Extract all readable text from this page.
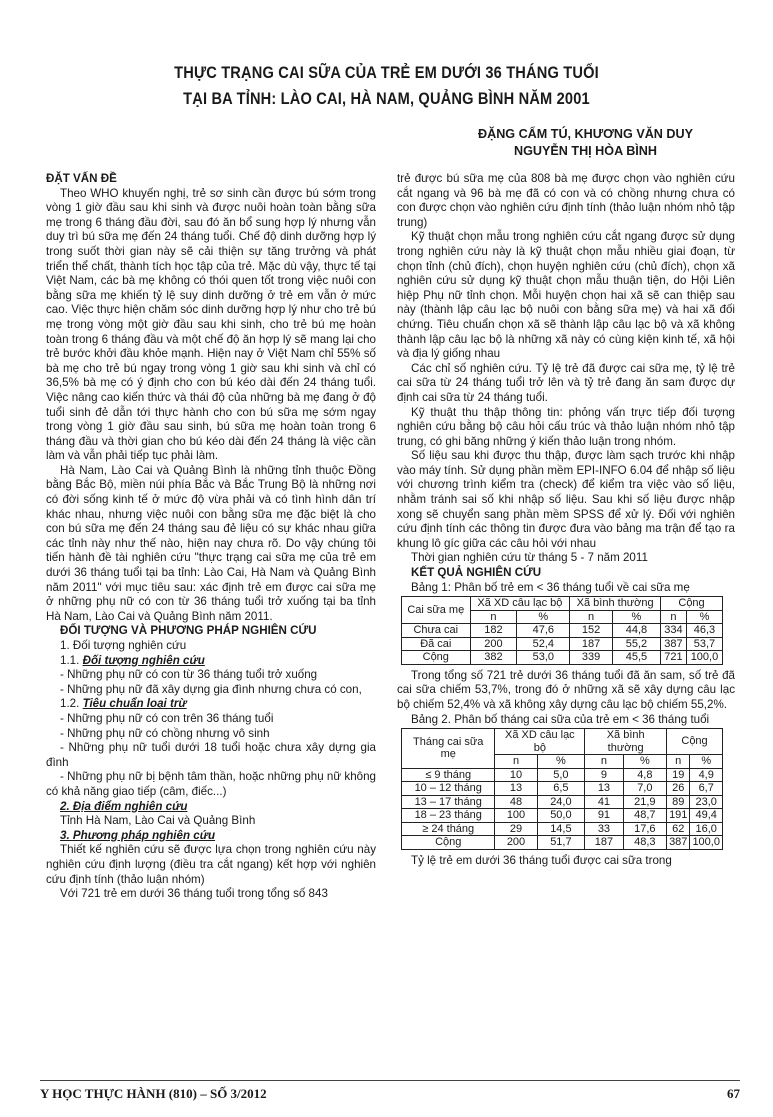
THỰC TRẠNG CAI SỮA CỦA TRẺ EM DƯỚI 36 THÁNG TUỔI
TẠI BA TỈNH: LÀO CAI, HÀ NAM, QUẢNG BÌNH NĂM 2001
ĐẶNG CẨM TÚ, KHƯƠNG VĂN DUY
NGUYỄN THỊ HÒA BÌNH
ĐẶT VẤN ĐỀ

Theo WHO khuyến nghị, trẻ sơ sinh cần được bú sớm trong vòng 1 giờ đầu sau khi sinh và được nuôi hoàn toàn bằng sữa mẹ trong 6 tháng đầu đời, sau đó ăn bổ sung hợp lý nhưng vẫn duy trì bú sữa mẹ đến 24 tháng tuổi. Chế độ dinh dưỡng hợp lý trong suốt thời gian này sẽ cải thiện sự tăng trưởng và phát triển thể chất, thành tích học tập của trẻ. Mặc dù vậy, thực tế tại Việt Nam, các bà mẹ không có thói quen tốt trong việc nuôi con bằng sữa mẹ khiến tỷ lệ suy dinh dưỡng ở trẻ em vẫn ở mức cao. Việc thực hiện chăm sóc dinh dưỡng hợp lý như cho trẻ bú mẹ trong vòng một giờ đầu sau khi sinh, cho trẻ bú mẹ hoàn toàn trong 6 tháng đầu và một chế độ ăn hợp lý sẽ mang lại cho trẻ bước khởi đầu khỏe mạnh. Hiện nay ở Việt Nam chỉ 55% số bà mẹ cho trẻ bú ngay trong vòng 1 giờ sau khi sinh và chỉ có 36,5% bà mẹ có ý định cho con bú kéo dài đến 24 tháng tuổi. Việc nâng cao kiến thức và thái độ của những bà mẹ đang ở độ tuổi sinh đẻ dẫn tới thực hành cho con bú sữa mẹ sớm ngay trong vòng 1 giờ đầu sau sinh, bú sữa mẹ hoàn toàn trong 6 tháng đầu và thời gian cho bú kéo dài đến 24 tháng là việc cần làm và vẫn phải tiếp tục phải làm.

Hà Nam, Lào Cai và Quảng Bình là những tỉnh thuộc Đồng bằng Bắc Bộ, miền núi phía Bắc và Bắc Trung Bộ là những nơi có đời sống kinh tế ở mức độ vừa phải và có tình hình dân trí khác nhau, nhưng việc nuôi con bằng sữa mẹ đặc biệt là cho con bú sữa mẹ đến 24 tháng sau đẻ liệu có sự khác nhau giữa các tỉnh này như thế nào, hiện nay chưa rõ. Do vậy chúng tôi tiến hành đề tài nghiên cứu "thực trạng cai sữa mẹ của trẻ em dưới 36 tháng tuổi tại ba tỉnh: Lào Cai, Hà Nam và Quảng Bình năm 2011" với mục tiêu sau: xác định trẻ em được cai sữa mẹ ở những phụ nữ có con từ 36 tháng tuổi trở xuống tại ba tỉnh Hà Nam, Lào Cai và Quảng Bình năm 2011.

ĐỐI TƯỢNG VÀ PHƯƠNG PHÁP NGHIÊN CỨU

1. Đối tượng nghiên cứu

1.1. Đối tượng nghiên cứu

- Những phụ nữ có con từ 36 tháng tuổi trở xuống

- Những phụ nữ đã xây dựng gia đình nhưng chưa có con,

1.2. Tiêu chuẩn loại trừ

- Những phụ nữ có con trên 36 tháng tuổi

- Những phụ nữ có chồng nhưng vô sinh

- Những phụ nữ tuổi dưới 18 tuổi hoặc chưa xây dựng gia đình

- Những phụ nữ bị bệnh tâm thần, hoặc những phụ nữ không có khả năng giao tiếp (câm, điếc...)

2. Địa điểm nghiên cứu

Tỉnh Hà Nam, Lào Cai và Quảng Bình

3. Phương pháp nghiên cứu

Thiết kế nghiên cứu sẽ được lựa chọn trong nghiên cứu này nghiên cứu định lượng (điều tra cắt ngang) kết hợp với nghiên cứu định tính (thảo luận nhóm)

Với 721 trẻ em dưới 36 tháng tuổi trong tổng số 843

trẻ được bú sữa mẹ của 808 bà mẹ được chọn vào nghiên cứu cắt ngang và 96 bà mẹ đã có con và có chồng nhưng chưa có con được chọn vào nghiên cứu định tính (thảo luận nhóm nhỏ tập trung)

Kỹ thuật chọn mẫu trong nghiên cứu cắt ngang được sử dụng trong nghiên cứu này là kỹ thuật chọn mẫu nhiều giai đoạn, từ chọn tỉnh (chủ đích), chọn huyện nghiên cứu (chủ đích), chọn xã nghiên cứu sử dụng kỹ thuật chọn mẫu thuận tiện, do Hội Liên hiệp Phụ nữ tỉnh chọn. Mỗi huyện chọn hai xã sẽ can thiệp sau này (thành lập câu lạc bộ nuôi con bằng sữa mẹ) và hai xã đối chứng. Tiêu chuẩn chọn xã sẽ thành lập câu lạc bộ và xã không thành lập câu lạc bộ là những xã này có cùng kiện kinh tế, xã hội và địa lý giống nhau

Các chỉ số nghiên cứu. Tỷ lệ trẻ đã được cai sữa mẹ, tỷ lệ trẻ cai sữa từ 24 tháng tuổi trở lên và tỷ trẻ đang ăn sam được dự định cai sữa từ 24 tháng tuổi.

Kỹ thuật thu thập thông tin: phỏng vấn trực tiếp đối tượng nghiên cứu bằng bộ câu hỏi cấu trúc và thảo luận nhóm nhỏ tập trung, có ghi băng những ý kiến thảo luận trong nhóm.

Số liệu sau khi được thu thập, được làm sạch trước khi nhập vào máy tính. Sử dụng phần mềm EPI-INFO 6.04 để nhập số liệu với chương trình kiểm tra (check) để kiểm tra việc vào số liệu, nhằm tránh sai số khi nhập số liệu. Sau khi số liệu được nhập xong sẽ chuyển sang phần mềm SPSS để xử lý. Đối với nghiên cứu định tính các thông tin được đưa vào bảng ma trận để tạo ra khung lô gíc giữa các câu hỏi với nhau

Thời gian nghiên cứu từ tháng 5 - 7 năm 2011

KẾT QUẢ NGHIÊN CỨU

Bảng 1: Phân bố trẻ em < 36 tháng tuổi về cai sữa mẹ

Cai sữa mẹ	Xã XD câu lạc bộ		Xã bình thường		Cộng	
	n	%	n	%	n	%
Chưa cai	182	47,6	152	44,8	334	46,3
Đã cai	200	52,4	187	55,2	387	53,7
Cộng	382	53,0	339	45,5	721	100,0

Trong tổng số 721 trẻ dưới 36 tháng tuổi đã ăn sam, số trẻ đã cai sữa chiếm 53,7%, trong đó ở những xã sẽ xây dựng câu lạc bộ chiếm 52,4% và xã không xây dựng câu lạc bộ chiếm 55,2%.

Bảng 2. Phân bố tháng cai sữa của trẻ em < 36 tháng tuổi

Tháng cai sữa mẹ	Xã XD câu lạc bộ		Xã bình thường		Cộng	
	n	%	n	%	n	%
≤ 9 tháng	10	5,0	9	4,8	19	4,9
10 – 12 tháng	13	6,5	13	7,0	26	6,7
13 – 17 tháng	48	24,0	41	21,9	89	23,0
18 – 23 tháng	100	50,0	91	48,7	191	49,4
≥ 24 tháng	29	14,5	33	17,6	62	16,0
Cộng	200	51,7	187	48,3	387	100,0

Tỷ lệ trẻ em dưới 36 tháng tuổi được cai sữa trong

Y HỌC THỰC HÀNH (810) – SỐ 3/2012	67
